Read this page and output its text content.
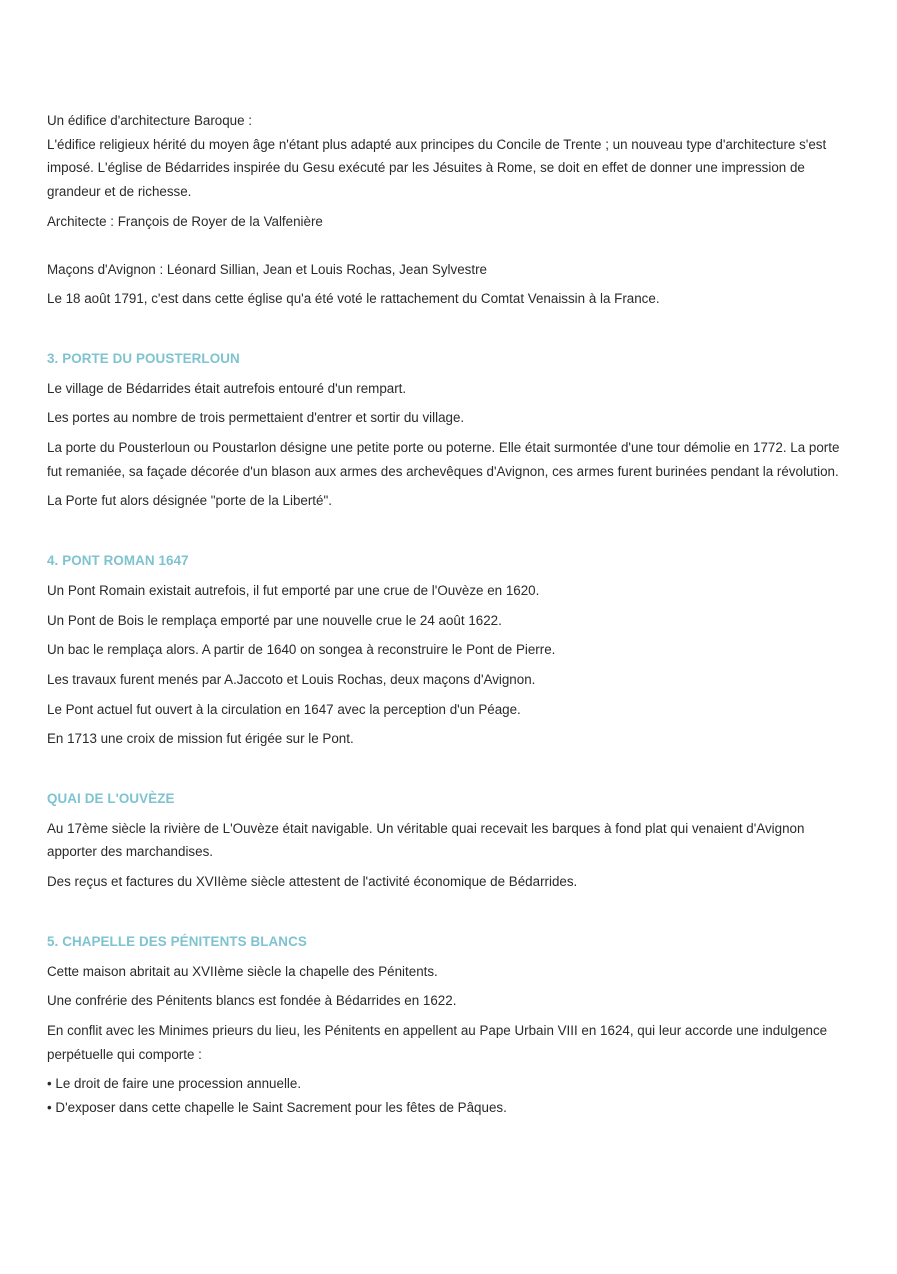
Un édifice d'architecture Baroque :

L'édifice religieux hérité du moyen âge n'étant plus adapté aux principes du Concile de Trente ; un nouveau type d'architecture s'est imposé. L'église de Bédarrides inspirée du Gesu exécuté par les Jésuites à Rome, se doit en effet de donner une impression de grandeur et de richesse.

Architecte : François de Royer de la Valfenière

Maçons d'Avignon : Léonard Sillian, Jean et Louis Rochas, Jean Sylvestre

Le 18 août 1791, c'est dans cette église qu'a été voté le rattachement du Comtat Venaissin à la France.

3. PORTE DU POUSTERLOUN

Le village de Bédarrides était autrefois entouré d'un rempart.

Les portes au nombre de trois permettaient d'entrer et sortir du village.

La porte du Pousterloun ou Poustarlon désigne une petite porte ou poterne. Elle était surmontée d'une tour démolie en 1772. La porte fut remaniée, sa façade décorée d'un blason aux armes des archevêques d'Avignon, ces armes furent burinées pendant la révolution.

La Porte fut alors désignée "porte de la Liberté".

4. PONT ROMAN 1647

Un Pont Romain existait autrefois, il fut emporté par une crue de l'Ouvèze en 1620.

Un Pont de Bois le remplaça emporté par une nouvelle crue le 24 août 1622.

Un bac le remplaça alors. A partir de 1640 on songea à reconstruire le Pont de Pierre.

Les travaux furent menés par A.Jaccoto et Louis Rochas, deux maçons d'Avignon.

Le Pont actuel fut ouvert à la circulation en 1647 avec la perception d'un Péage.

En 1713 une croix de mission fut érigée sur le Pont.

QUAI DE L'OUVÈZE

Au 17ème siècle la rivière de L'Ouvèze était navigable. Un véritable quai recevait les barques à fond plat qui venaient d'Avignon apporter des marchandises.

Des reçus et factures du XVIIème siècle attestent de l'activité économique de Bédarrides.

5. CHAPELLE DES PÉNITENTS BLANCS

Cette maison abritait au XVIIème siècle la chapelle des Pénitents.

Une confrérie des Pénitents blancs est fondée à Bédarrides en 1622.

En conflit avec les Minimes prieurs du lieu, les Pénitents en appellent au Pape Urbain VIII en 1624, qui leur accorde une indulgence perpétuelle qui comporte :

• Le droit de faire une procession annuelle.

• D'exposer dans cette chapelle le Saint Sacrement pour les fêtes de Pâques.
